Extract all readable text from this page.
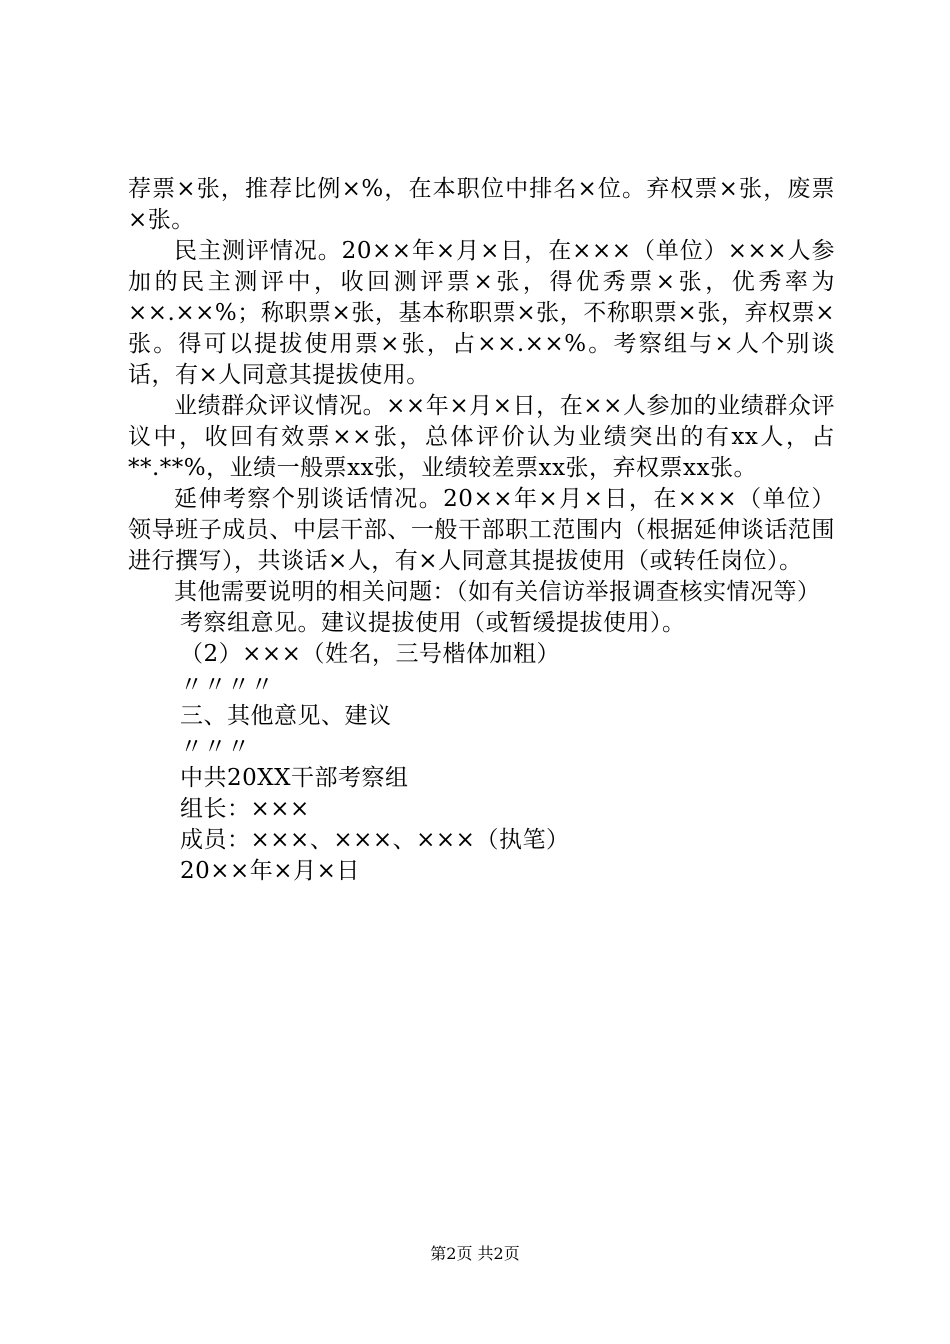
荐票×张，推荐比例×%，在本职位中排名×位。弃权票×张，废票×张。

民主测评情况。20××年×月×日，在×××（单位）×××人参加的民主测评中，收回测评票×张，得优秀票×张，优秀率为××.××%；称职票×张，基本称职票×张，不称职票×张，弃权票×张。得可以提拔使用票×张，占××.××%。考察组与×人个别谈话，有×人同意其提拔使用。

业绩群众评议情况。××年×月×日，在××人参加的业绩群众评议中，收回有效票××张，总体评价认为业绩突出的有xx人，占**.**%，业绩一般票xx张，业绩较差票xx张，弃权票xx张。

延伸考察个别谈话情况。20××年×月×日，在×××（单位）领导班子成员、中层干部、一般干部职工范围内（根据延伸谈话范围进行撰写），共谈话×人，有×人同意其提拔使用（或转任岗位）。

其他需要说明的相关问题：（如有关信访举报调查核实情况等）

考察组意见。建议提拔使用（或暂缓提拔使用）。

（2）×××（姓名，三号楷体加粗）

〃〃〃〃

三、其他意见、建议

〃〃〃

中共20XX干部考察组

组长：×××

成员：×××、×××、×××（执笔）

20××年×月×日

第2页 共2页
